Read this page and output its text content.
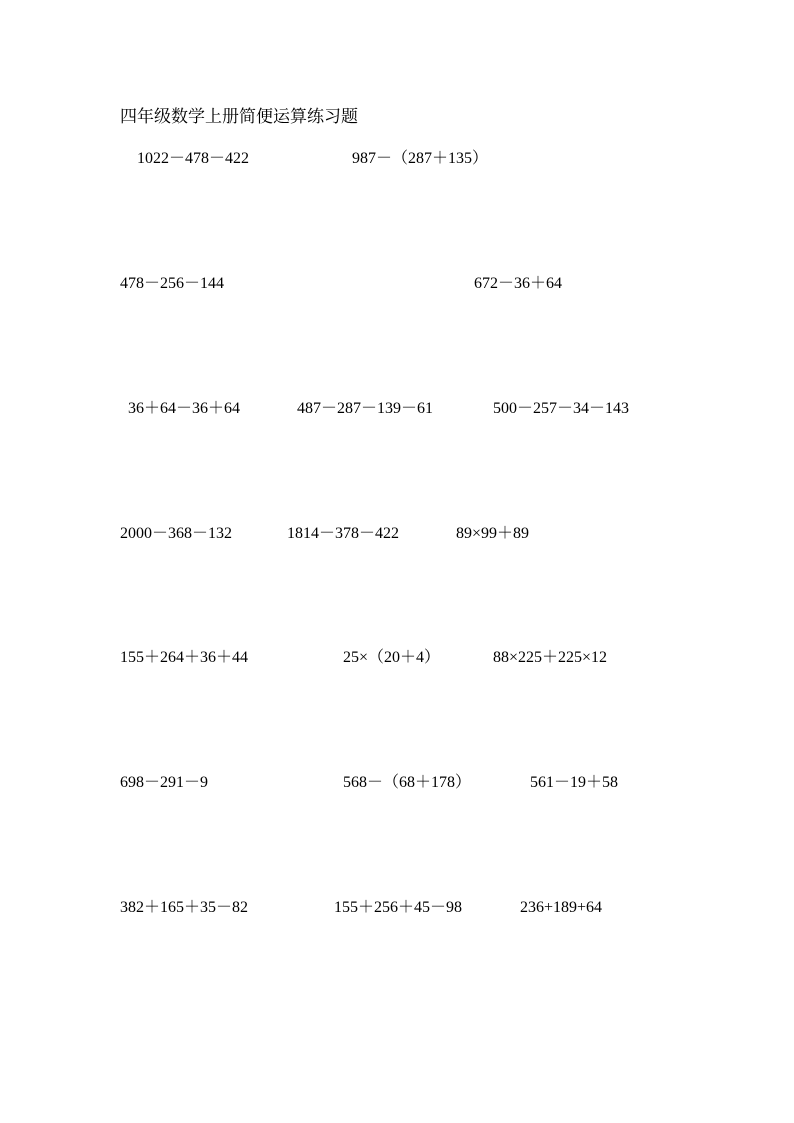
四年级数学上册简便运算练习题
1022－478－422	987－（287＋135）
478－256－144	672－36＋64
36＋64－36＋64	487－287－139－61	500－257－34－143
2000－368－132	1814－378－422	89×99＋89
155＋264＋36＋44	25×（20＋4）	88×225＋225×12
698－291－9	568－（68＋178）	561－19＋58
382＋165＋35－82	155＋256＋45－98	236+189+64
